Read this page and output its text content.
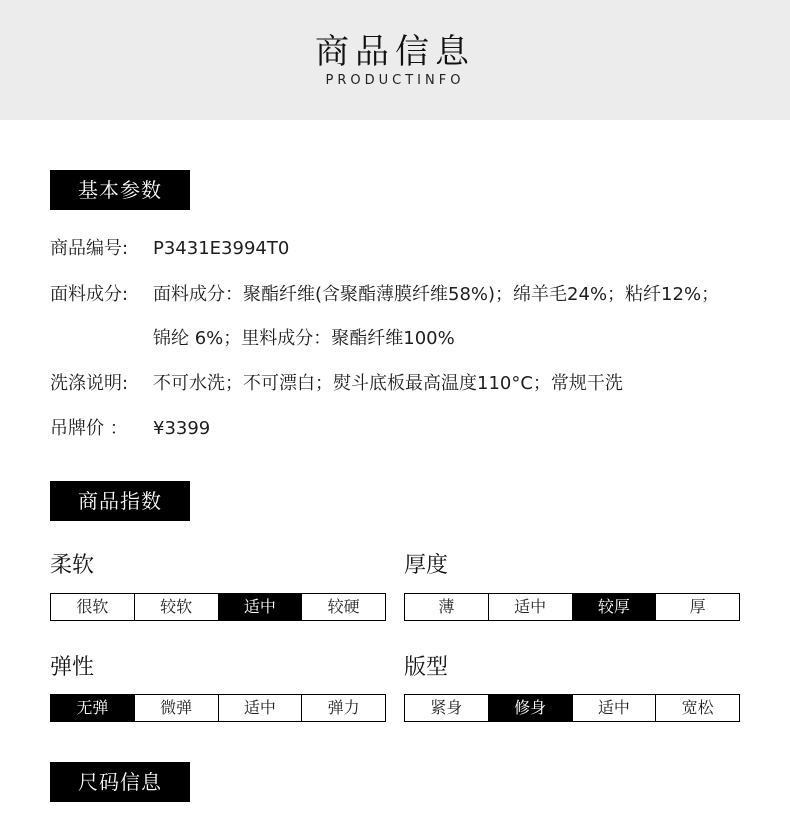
商品信息
PRODUCTINFO
基本参数
商品编号: P3431E3994T0
面料成分: 面料成分：聚酯纤维(含聚酯薄膜纤维58%)；绵羊毛24%；粘纤12%；
锦纶 6%；里料成分：聚酯纤维100%
洗涤说明: 不可水洗；不可漂白；熨斗底板最高温度110°C；常规干洗
吊牌价 ： ¥3399
商品指数
柔软
很软	较软	适中	较硬
厚度
薄	适中	较厚	厚
弹性
无弹	微弹	适中	弹力
版型
紧身	修身	适中	宽松
尺码信息
